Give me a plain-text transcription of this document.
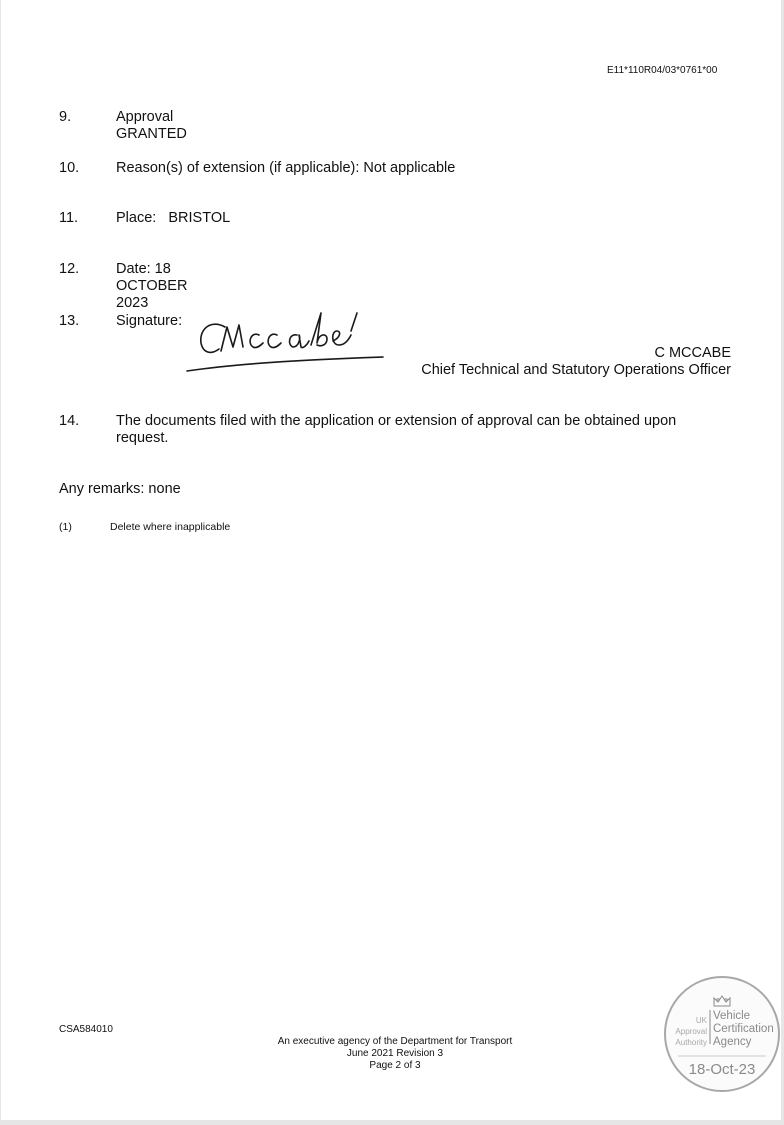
E11*110R04/03*0761*00
9.	Approval GRANTED
10.	Reason(s) of extension (if applicable): Not applicable
11.	Place:   BRISTOL
12.	Date: 18 OCTOBER 2023
13.	Signature:
C MCCABE
Chief Technical and Statutory Operations Officer
14.	The documents filed with the application or extension of approval can be obtained upon request.
Any remarks: none
(1)	Delete where inapplicable
CSA584010
An executive agency of the Department for Transport
June 2021 Revision 3
Page 2 of 3
UK
Approval
Authority
Vehicle
Certification
Agency
18-Oct-23
